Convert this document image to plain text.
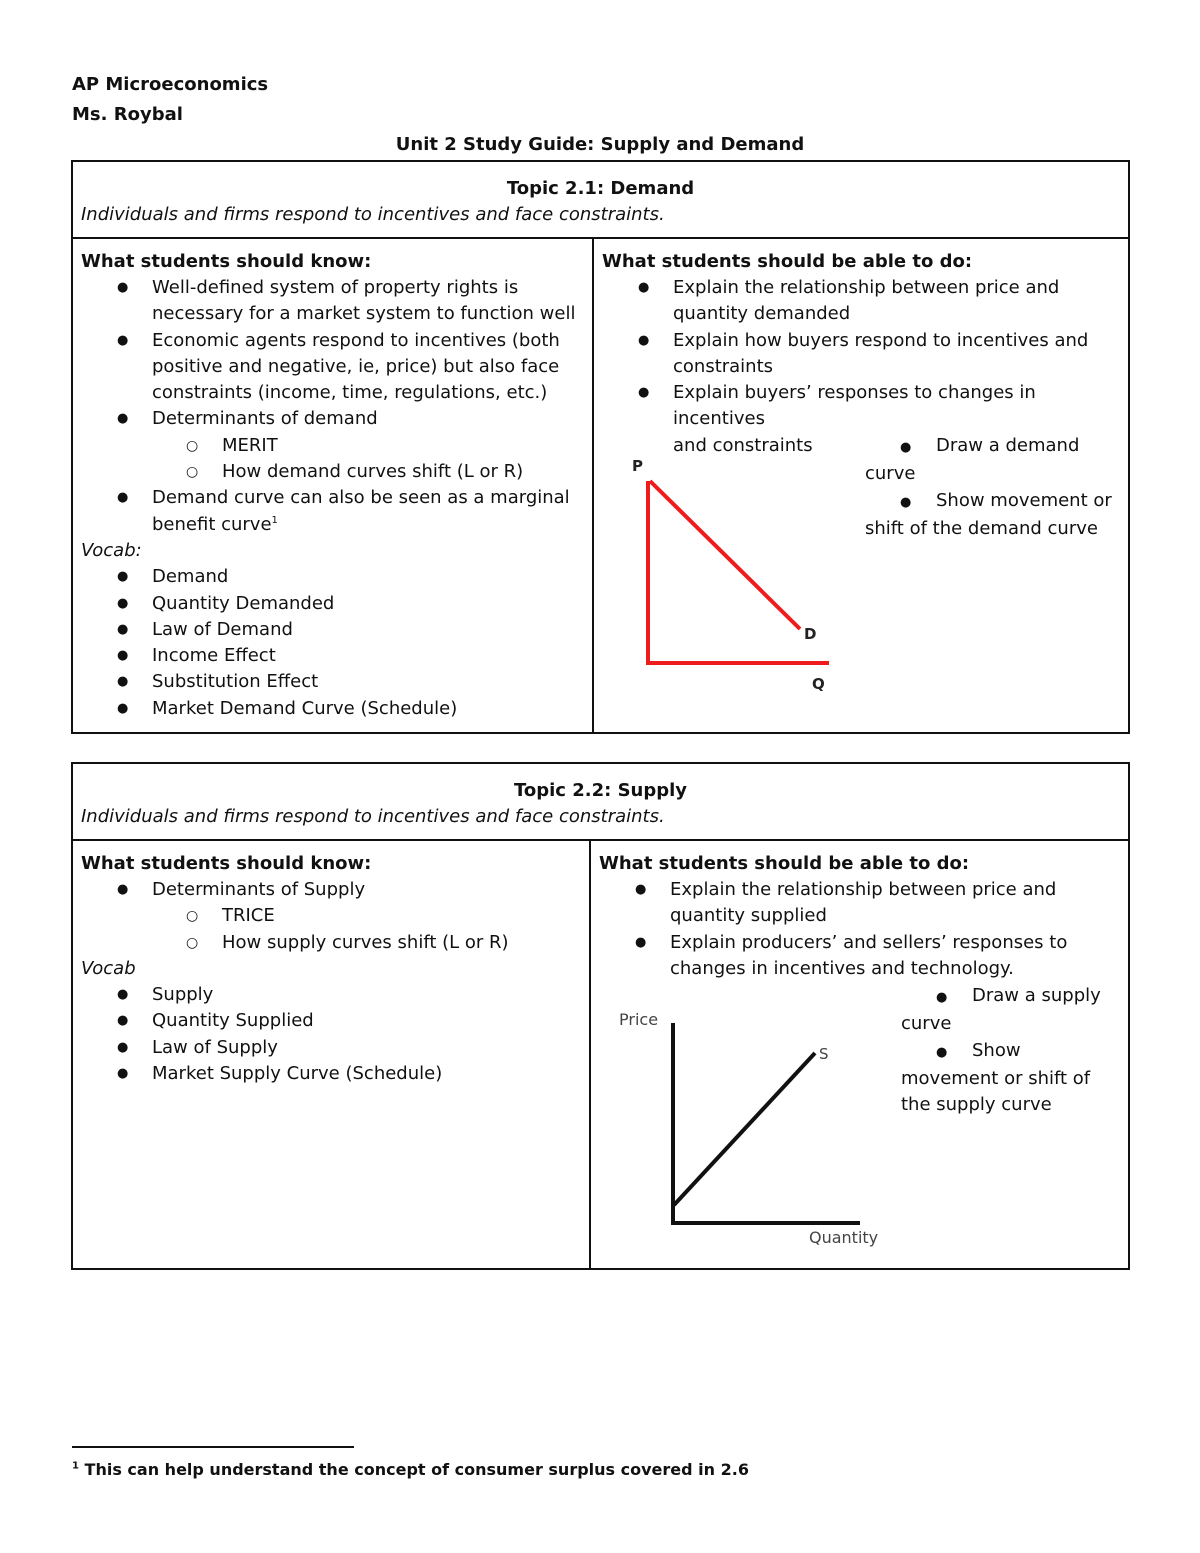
AP Microeconomics
Ms. Roybal
Unit 2 Study Guide: Supply and Demand
Topic 2.1: Demand
Individuals and firms respond to incentives and face constraints.
What students should know:
● Well-defined system of property rights is
necessary for a market system to function well
● Economic agents respond to incentives (both
positive and negative, ie, price) but also face
constraints (income, time, regulations, etc.)
● Determinants of demand
○ MERIT
○ How demand curves shift (L or R)
● Demand curve can also be seen as a marginal
benefit curve$^1$
Vocab:
● Demand
● Quantity Demanded
● Law of Demand
● Income Effect
● Substitution Effect
● Market Demand Curve (Schedule)
What students should be able to do:
● Explain the relationship between price and
quantity demanded
● Explain how buyers respond to incentives and
constraints
● Explain buyers’ responses to changes in incentives
and constraints	● Draw a demand
curve
● Show movement or
shift of the demand curve
P
D
Q
Topic 2.2: Supply
Individuals and firms respond to incentives and face constraints.
What students should know:
● Determinants of Supply
○ TRICE
○ How supply curves shift (L or R)
Vocab
● Supply
● Quantity Supplied
● Law of Supply
● Market Supply Curve (Schedule)
What students should be able to do:
● Explain the relationship between price and
quantity supplied
● Explain producers’ and sellers’ responses to
changes in incentives and technology.
● Draw a supply
curve
● Show
movement or shift of
the supply curve
Price
S
Quantity
$^1$ This can help understand the concept of consumer surplus covered in 2.6
